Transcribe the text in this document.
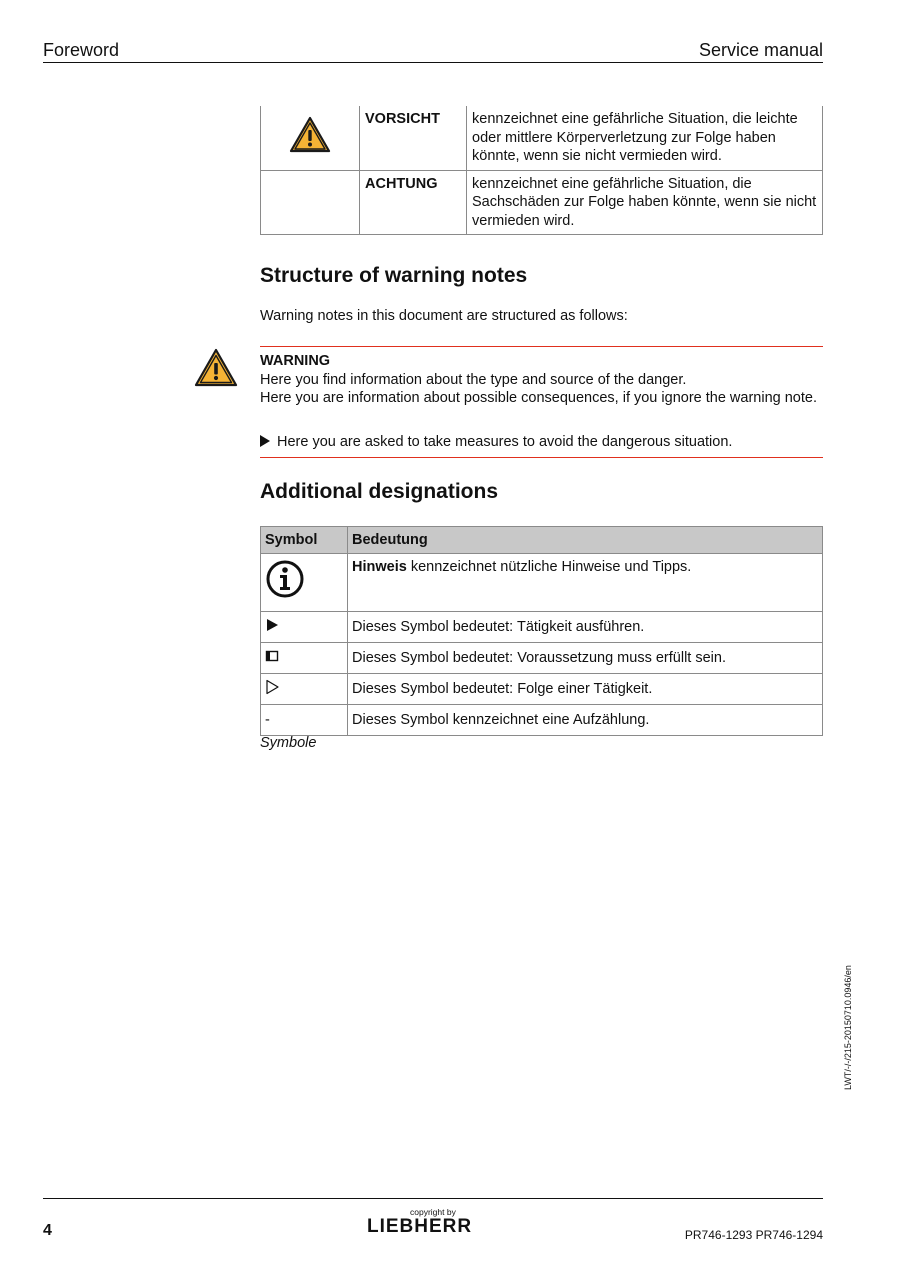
Foreword	Service manual
	VORSICHT	kennzeichnet eine gefährliche Situation, die leichte oder mittlere Körperverletzung zur Folge haben könnte, wenn sie nicht vermieden wird.
	ACHTUNG	kennzeichnet eine gefährliche Situation, die Sachschäden zur Folge haben könnte, wenn sie nicht vermieden wird.
Structure of warning notes
Warning notes in this document are structured as follows:
WARNING
Here you find information about the type and source of the danger.
Here you are information about possible consequences, if you ignore the warning note.
Here you are asked to take measures to avoid the dangerous situation.
Additional designations
Symbol	Bedeutung
	Hinweis kennzeichnet nützliche Hinweise und Tipps.
	Dieses Symbol bedeutet: Tätigkeit ausführen.
	Dieses Symbol bedeutet: Voraussetzung muss erfüllt sein.
	Dieses Symbol bedeutet: Folge einer Tätigkeit.
-	Dieses Symbol kennzeichnet eine Aufzählung.
Symbole
LWT/-/-/215-20150710.0946/en
4
copyright by
LIEBHERR	PR746-1293 PR746-1294
